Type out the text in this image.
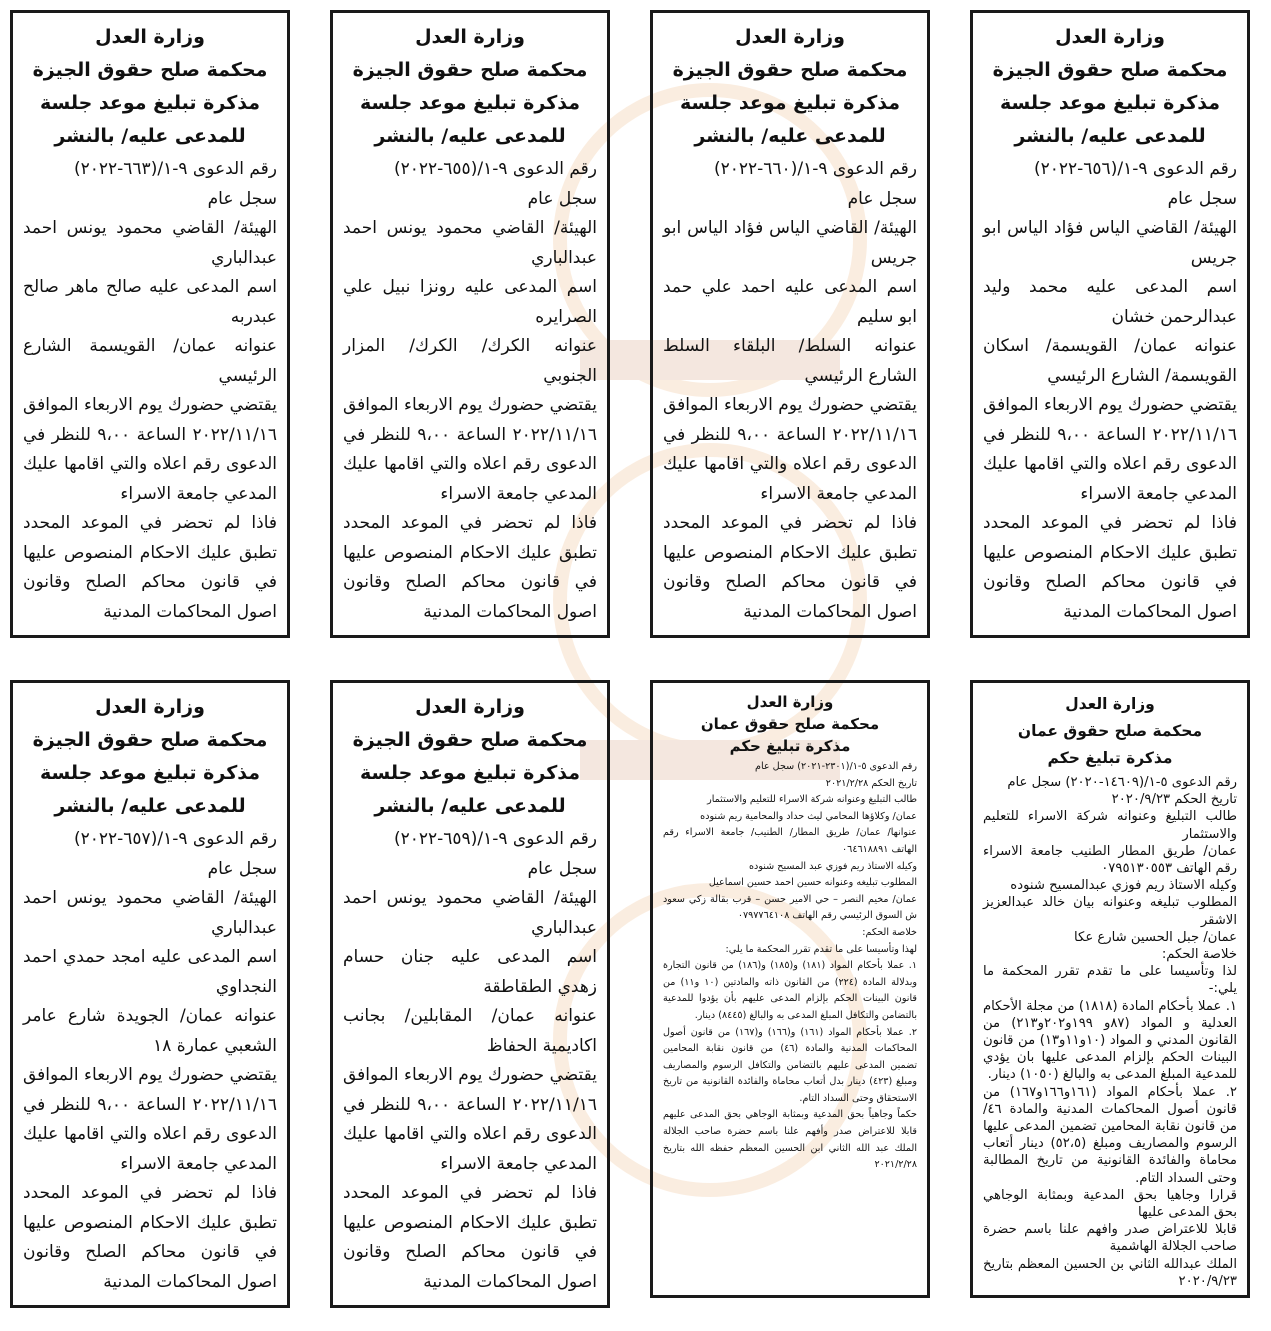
وزارة العدل
محكمة صلح حقوق الجيزة
مذكرة تبليغ موعد جلسة
للمدعى عليه/ بالنشر

رقم الدعوى ٩-١/(٦٥٦-٢٠٢٢)

سجل عام

الهيئة/ القاضي الياس فؤاد الياس ابو جريس

اسم المدعى عليه محمد وليد عبدالرحمن خشان

عنوانه عمان/ القويسمة/ اسكان القويسمة/ الشارع الرئيسي

يقتضي حضورك يوم الاربعاء الموافق ٢٠٢٢/١١/١٦ الساعة ٩،٠٠ للنظر في الدعوى رقم اعلاه والتي اقامها عليك المدعي جامعة الاسراء

فاذا لم تحضر في الموعد المحدد تطبق عليك الاحكام المنصوص عليها في قانون محاكم الصلح وقانون اصول المحاكمات المدنية

وزارة العدل
محكمة صلح حقوق الجيزة
مذكرة تبليغ موعد جلسة
للمدعى عليه/ بالنشر

رقم الدعوى ٩-١/(٦٦٠-٢٠٢٢)

سجل عام

الهيئة/ القاضي الياس فؤاد الياس ابو جريس

اسم المدعى عليه احمد علي حمد ابو سليم

عنوانه السلط/ البلقاء السلط الشارع الرئيسي

يقتضي حضورك يوم الاربعاء الموافق ٢٠٢٢/١١/١٦ الساعة ٩،٠٠ للنظر في الدعوى رقم اعلاه والتي اقامها عليك المدعي جامعة الاسراء

فاذا لم تحضر في الموعد المحدد تطبق عليك الاحكام المنصوص عليها في قانون محاكم الصلح وقانون اصول المحاكمات المدنية

وزارة العدل
محكمة صلح حقوق الجيزة
مذكرة تبليغ موعد جلسة
للمدعى عليه/ بالنشر

رقم الدعوى ٩-١/(٦٥٥-٢٠٢٢)

سجل عام

الهيئة/ القاضي محمود يونس احمد عبدالباري

اسم المدعى عليه رونزا نبيل علي الصرايره

عنوانه الكرك/ الكرك/ المزار الجنوبي

يقتضي حضورك يوم الاربعاء الموافق ٢٠٢٢/١١/١٦ الساعة ٩،٠٠ للنظر في الدعوى رقم اعلاه والتي اقامها عليك المدعي جامعة الاسراء

فاذا لم تحضر في الموعد المحدد تطبق عليك الاحكام المنصوص عليها في قانون محاكم الصلح وقانون اصول المحاكمات المدنية

وزارة العدل
محكمة صلح حقوق الجيزة
مذكرة تبليغ موعد جلسة
للمدعى عليه/ بالنشر

رقم الدعوى ٩-١/(٦٦٣-٢٠٢٢)

سجل عام

الهيئة/ القاضي محمود يونس احمد عبدالباري

اسم المدعى عليه صالح ماهر صالح عبدربه

عنوانه عمان/ القويسمة الشارع الرئيسي

يقتضي حضورك يوم الاربعاء الموافق ٢٠٢٢/١١/١٦ الساعة ٩،٠٠ للنظر في الدعوى رقم اعلاه والتي اقامها عليك المدعي جامعة الاسراء

فاذا لم تحضر في الموعد المحدد تطبق عليك الاحكام المنصوص عليها في قانون محاكم الصلح وقانون اصول المحاكمات المدنية

وزارة العدل
محكمة صلح حقوق عمان
مذكرة تبليغ حكم

رقم الدعوى ٥-١/(١٤٦٠٩-٢٠٢٠) سجل عام

تاريخ الحكم ٢٠٢٠/٩/٢٣

طالب التبليغ وعنوانه شركة الاسراء للتعليم والاستثمار

عمان/ طريق المطار الطنيب جامعة الاسراء رقم الهاتف ٠٧٩٥١٣٠٥٥٣

وكيله الاستاذ ريم فوزي عبدالمسيح شنوده

المطلوب تبليغه وعنوانه بيان خالد عبدالعزيز الاشقر

عمان/ جبل الحسين شارع عكا

خلاصة الحكم:

لذا وتأسيسا على ما تقدم تقرر المحكمة ما يلي:-

١. عملا بأحكام المادة (١٨١٨) من مجلة الأحكام العدلية و المواد (٨٧و ١٩٩و٢٠٢و٢١٣) من القانون المدني و المواد (١٠و١١و١٣) من قانون البينات الحكم بإلزام المدعى عليها بان يؤدي للمدعية المبلغ المدعى به والبالغ (١٠٥٠) دينار.

٢. عملا بأحكام المواد (١٦١و١٦٦و١٦٧) من قانون أصول المحاكمات المدنية والمادة ٤٦/ من قانون نقابة المحامين تضمين المدعى عليها الرسوم والمصاريف ومبلغ (٥٢،٥) دينار أتعاب محاماة والفائدة القانونية من تاريخ المطالبة وحتى السداد التام.

قرارا وجاهيا بحق المدعية وبمثابة الوجاهي بحق المدعى عليها

قابلا للاعتراض صدر وافهم علنا باسم حضرة صاحب الجلالة الهاشمية

الملك عبدالله الثاني بن الحسين المعظم بتاريخ ٢٠٢٠/٩/٢٣

وزارة العدل
محكمة صلح حقوق عمان
مذكرة تبليغ حكم

رقم الدعوى ٥-١/(٢٣٠١-٢٠٢١) سجل عام

تاريخ الحكم ٢٠٢١/٢/٢٨

طالب التبليغ وعنوانه شركة الاسراء للتعليم والاستثمار

عمان/ وكلاؤها المحامي ليث حداد والمحامية ريم شنوده

عنوانها/ عمان/ طريق المطار/ الطنيب/ جامعة الاسراء رقم الهاتف ٠٦٤٦١٨٨٩١

وكيله الاستاذ ريم فوزي عبد المسيح شنوده

المطلوب تبليغه وعنوانه حسين احمد حسين اسماعيل

عمان/ مخيم النصر – حي الامير حسن – قرب بقالة زكي سعود ش السوق الرئيسي رقم الهاتف ٠٧٩٧٧٦٤١٠٨

خلاصة الحكم:

لهذا وتأسيسا على ما تقدم تقرر المحكمة ما يلي:

١. عملا بأحكام المواد (١٨١) و(١٨٥) و(١٨٦) من قانون التجارة وبدلالة المادة (٢٢٤) من القانون ذاته والمادتين (١٠ و١١) من قانون البينات الحكم بإلزام المدعى عليهم بأن يؤدوا للمدعية بالتضامن والتكافل المبلغ المدعى به والبالغ (٨٤٤٥) دينار.

٢. عملا بأحكام المواد (١٦١) و(١٦٦) و(١٦٧) من قانون أصول المحاكمات المدنية والمادة (٤٦) من قانون نقابة المحامين تضمين المدعى عليهم بالتضامن والتكافل الرسوم والمصاريف ومبلغ (٤٢٣) دينار بدل أتعاب محاماة والفائدة القانونية من تاريخ الاستحقاق وحتى السداد التام.

حكماً وجاهياً بحق المدعية وبمثابة الوجاهي بحق المدعى عليهم قابلا للاعتراض صدر وأفهم علنا باسم حضرة صاحب الجلالة الملك عبد الله الثاني ابن الحسين المعظم حفظه الله بتاريخ ٢٠٢١/٢/٢٨

وزارة العدل
محكمة صلح حقوق الجيزة
مذكرة تبليغ موعد جلسة
للمدعى عليه/ بالنشر

رقم الدعوى ٩-١/(٦٥٩-٢٠٢٢)

سجل عام

الهيئة/ القاضي محمود يونس احمد عبدالباري

اسم المدعى عليه جنان حسام زهدي الطقاطقة

عنوانه عمان/ المقابلين/ بجانب اكاديمية الحفاظ

يقتضي حضورك يوم الاربعاء الموافق ٢٠٢٢/١١/١٦ الساعة ٩،٠٠ للنظر في الدعوى رقم اعلاه والتي اقامها عليك المدعي جامعة الاسراء

فاذا لم تحضر في الموعد المحدد تطبق عليك الاحكام المنصوص عليها في قانون محاكم الصلح وقانون اصول المحاكمات المدنية

وزارة العدل
محكمة صلح حقوق الجيزة
مذكرة تبليغ موعد جلسة
للمدعى عليه/ بالنشر

رقم الدعوى ٩-١/(٦٥٧-٢٠٢٢)

سجل عام

الهيئة/ القاضي محمود يونس احمد عبدالباري

اسم المدعى عليه امجد حمدي احمد النجداوي

عنوانه عمان/ الجويدة شارع عامر الشعبي عمارة ١٨

يقتضي حضورك يوم الاربعاء الموافق ٢٠٢٢/١١/١٦ الساعة ٩،٠٠ للنظر في الدعوى رقم اعلاه والتي اقامها عليك المدعي جامعة الاسراء

فاذا لم تحضر في الموعد المحدد تطبق عليك الاحكام المنصوص عليها في قانون محاكم الصلح وقانون اصول المحاكمات المدنية
